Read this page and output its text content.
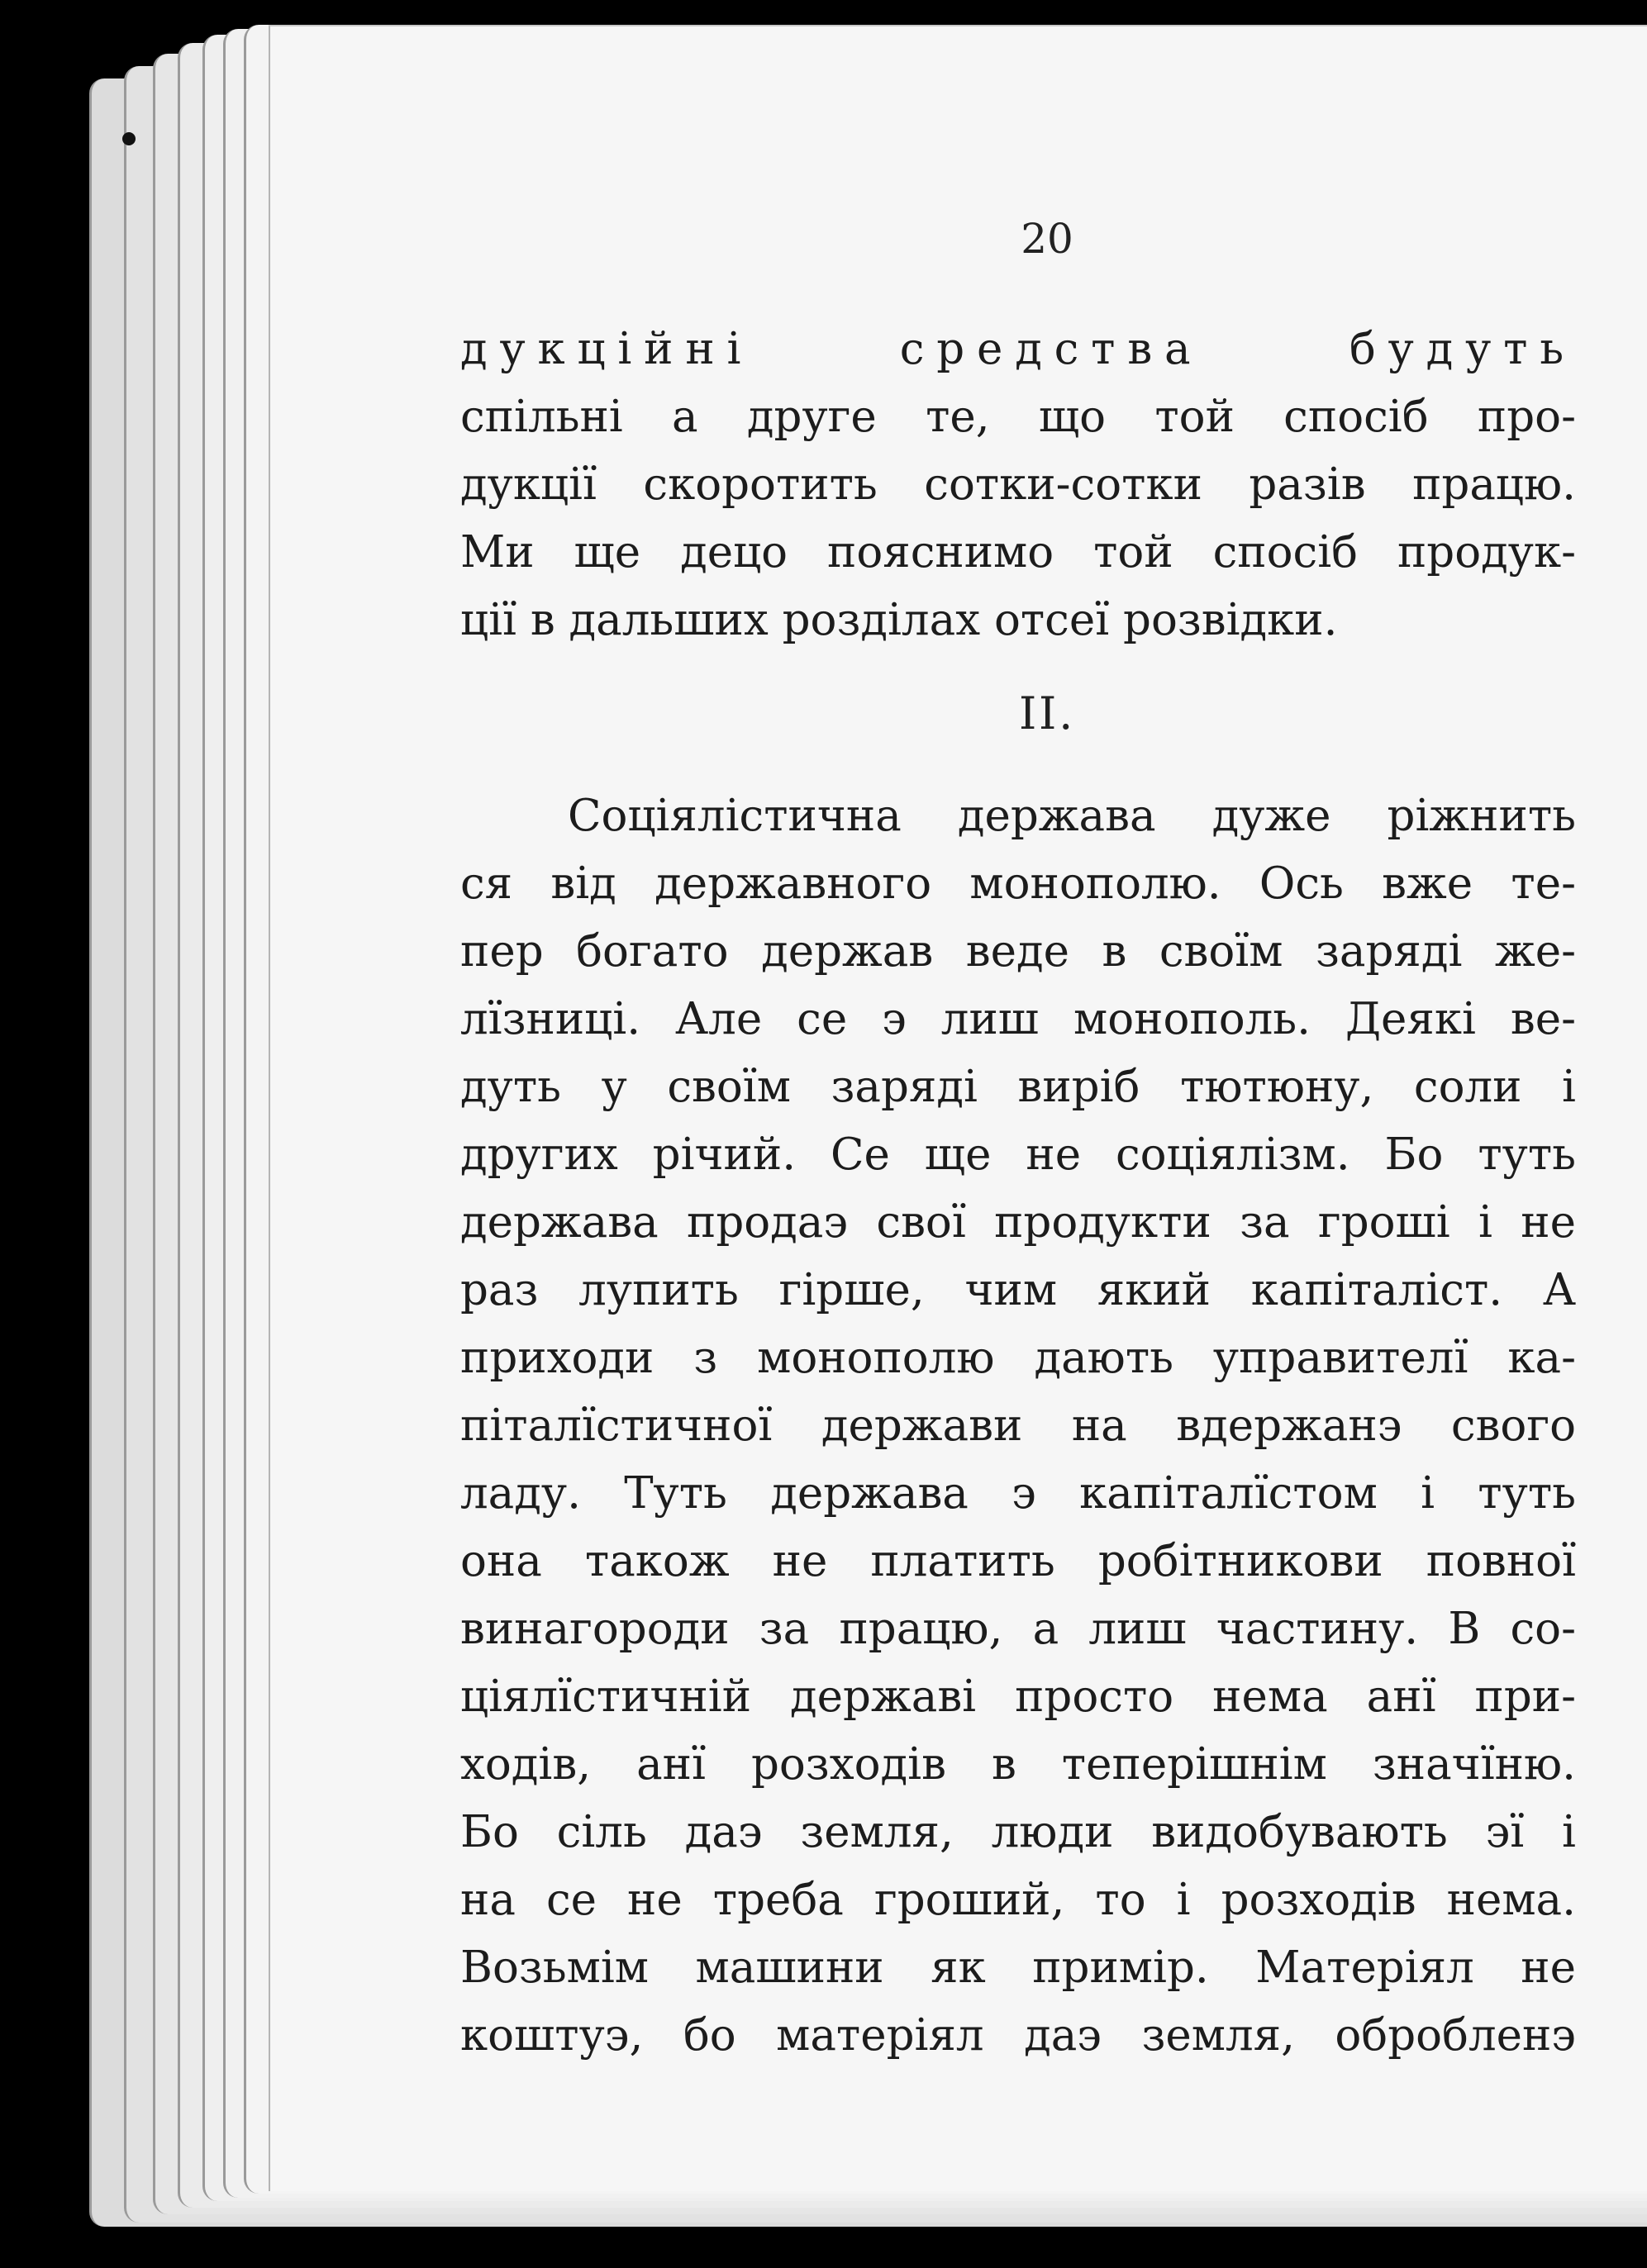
20
дукційні средства будуть
спільні а друге те, що той спосіб про-
дукції скоротить сотки-сотки разів працю.
Ми ще децо пояснимо той спосіб продук-
ції в дальших розділах отсеї розвідки.
II.
Соціялістична держава дуже ріжнить
ся від державного монополю. Ось вже те-
пер богато держав веде в своїм заряді же-
лїзниці. Але се э лиш монополь. Деякі ве-
дуть у своїм заряді виріб тютюну, соли і
других річий. Се ще не соціялізм. Бо туть
держава продаэ свої продукти за гроші і не
раз лупить гірше, чим який капіталіст. А
приходи з монополю дають управителї ка-
піталїстичної держави на вдержанэ свого
ладу. Туть держава э капіталїстом і туть
она також не платить робітникови повної
винагороди за працю, а лиш частину. В со-
ціялїстичній державі просто нема анї при-
ходів, анї розходів в теперішнім значїню.
Бо сіль даэ земля, люди видобувають эї і
на се не треба гроший, то і розходів нема.
Возьмім машини як примір. Матеріял не
коштуэ, бо матеріял даэ земля, обробленэ
